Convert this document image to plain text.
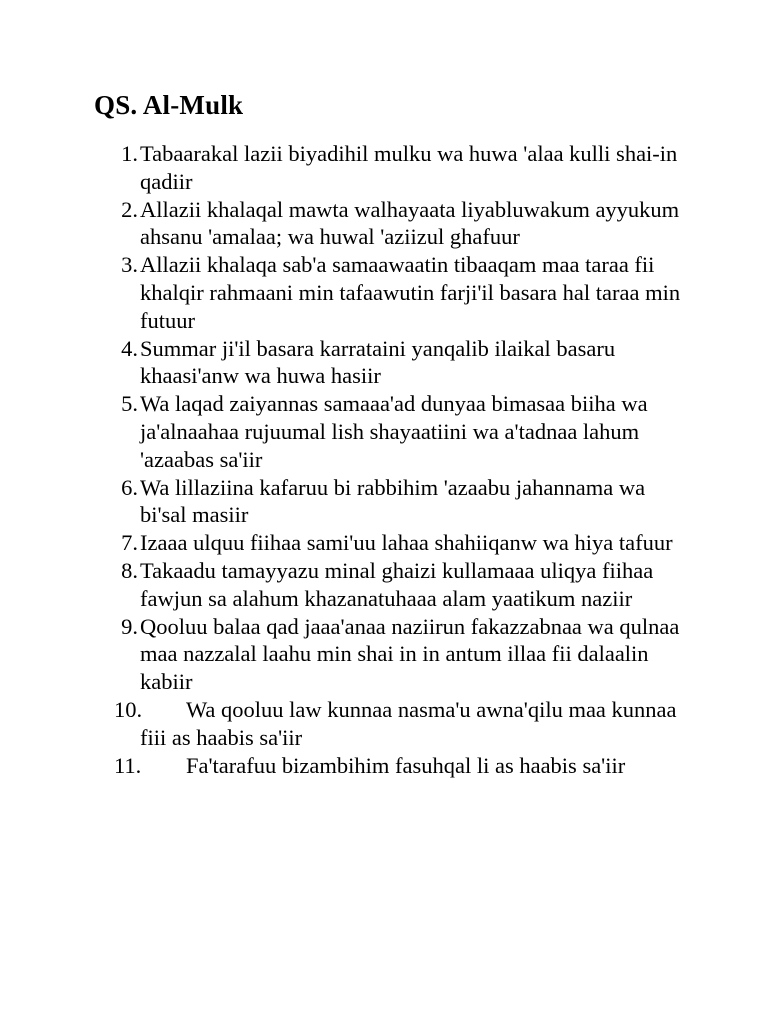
QS. Al-Mulk
1. Tabaarakal lazii biyadihil mulku wa huwa 'alaa kulli shai-in qadiir
2. Allazii khalaqal mawta walhayaata liyabluwakum ayyukum ahsanu 'amalaa; wa huwal 'aziizul ghafuur
3. Allazii khalaqa sab'a samaawaatin tibaaqam maa taraa fii khalqir rahmaani min tafaawutin farji'il basara hal taraa min futuur
4. Summar ji'il basara karrataini yanqalib ilaikal basaru khaasi'anw wa huwa hasiir
5. Wa laqad zaiyannas samaaa'ad dunyaa bimasaa biiha wa ja'alnaahaa rujuumal lish shayaatiini wa a'tadnaa lahum 'azaabas sa'iir
6. Wa lillaziina kafaruu bi rabbihim 'azaabu jahannama wa bi'sal masiir
7. Izaaa ulquu fiihaa sami'uu lahaa shahiiqanw wa hiya tafuur
8. Takaadu tamayyazu minal ghaizi kullamaaa uliqya fiihaa fawjun sa alahum khazanatuhaaa alam yaatikum naziir
9. Qooluu balaa qad jaaa'anaa naziirun fakazzabnaa wa qulnaa maa nazzalal laahu min shai in in antum illaa fii dalaalin kabiir
10.	Wa qooluu law kunnaa nasma'u awna'qilu maa kunnaa fiii as haabis sa'iir
11.	Fa'tarafuu bizambihim fasuhqal li as haabis sa'iir
